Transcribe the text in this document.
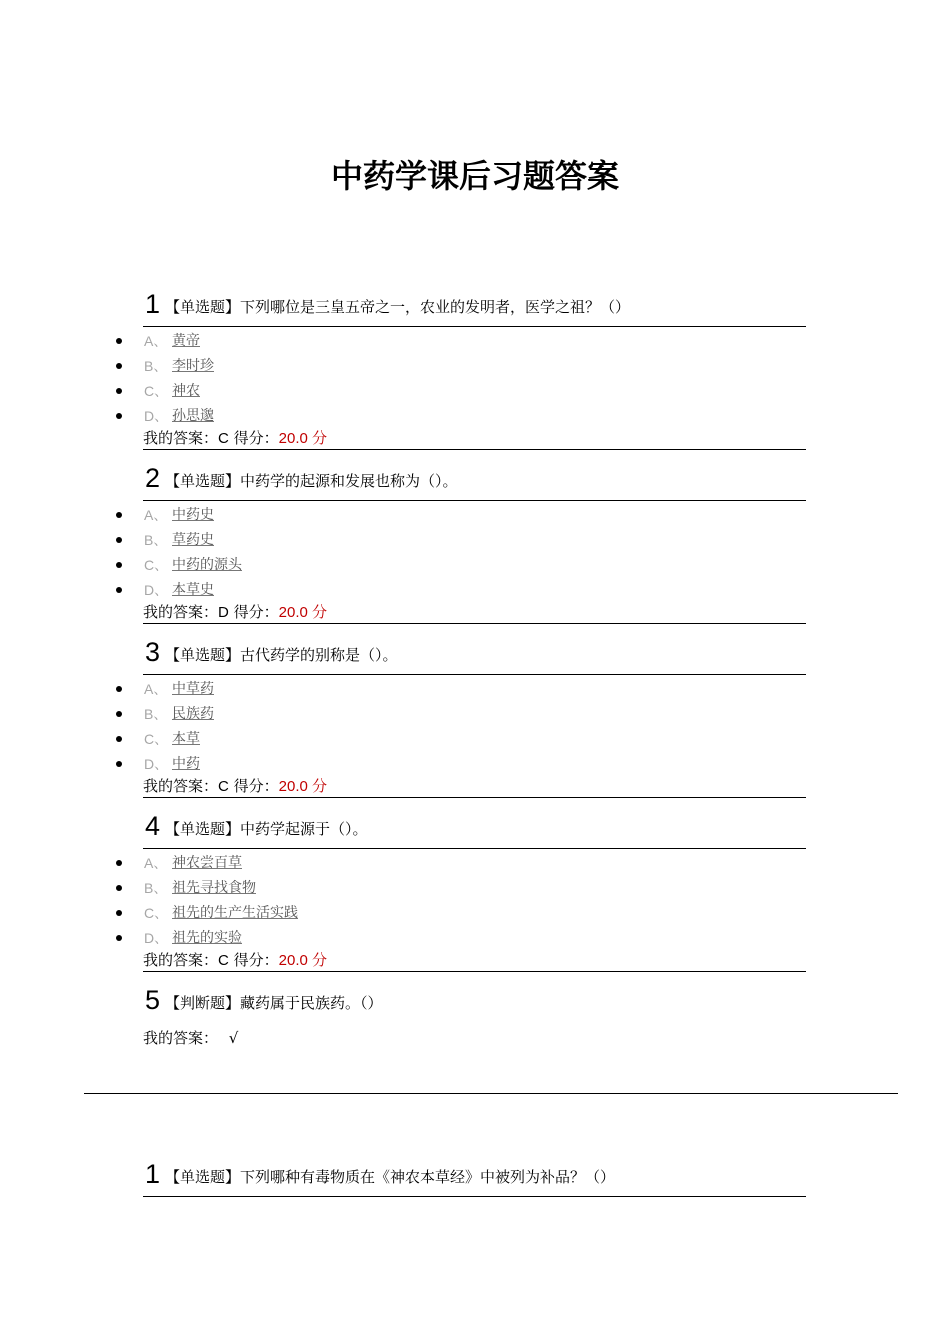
中药学课后习题答案
1 【单选题】下列哪位是三皇五帝之一，农业的发明者，医学之祖？（）
A、 黄帝
B、 李时珍
C、 神农
D、 孙思邈
我的答案：C 得分：20.0 分
2 【单选题】中药学的起源和发展也称为（）。
A、 中药史
B、 草药史
C、 中药的源头
D、 本草史
我的答案：D 得分：20.0 分
3 【单选题】古代药学的别称是（）。
A、 中草药
B、 民族药
C、 本草
D、 中药
我的答案：C 得分：20.0 分
4 【单选题】中药学起源于（）。
A、 神农尝百草
B、 祖先寻找食物
C、 祖先的生产生活实践
D、 祖先的实验
我的答案：C 得分：20.0 分
5 【判断题】藏药属于民族药。（）
我的答案： √
1 【单选题】下列哪种有毒物质在《神农本草经》中被列为补品？（）
